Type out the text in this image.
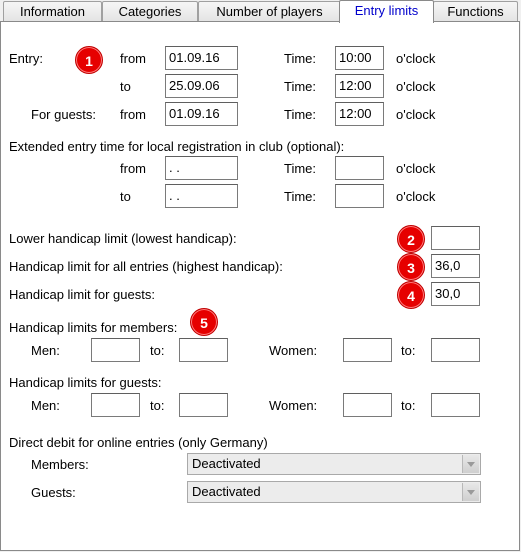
Information	Categories	Number of players	Entry limits	Functions
Entry:	1	from	01.09.16	Time:	10:00	o'clock
to	25.09.06	Time:	12:00	o'clock
For guests: from	01.09.16	Time:	12:00	o'clock
Extended entry time for local registration in club (optional):
from	. .	Time:	o'clock
to	. .	Time:	o'clock
Lower handicap limit (lowest handicap):	2
Handicap limit for all entries (highest handicap):	3	36,0
Handicap limit for guests:	4	30,0
Handicap limits for members:	5
Men:	to:	Women:	to:
Handicap limits for guests:
Men:	to:	Women:	to:
Direct debit for online entries (only Germany)
Members:	Deactivated
Guests:	Deactivated
